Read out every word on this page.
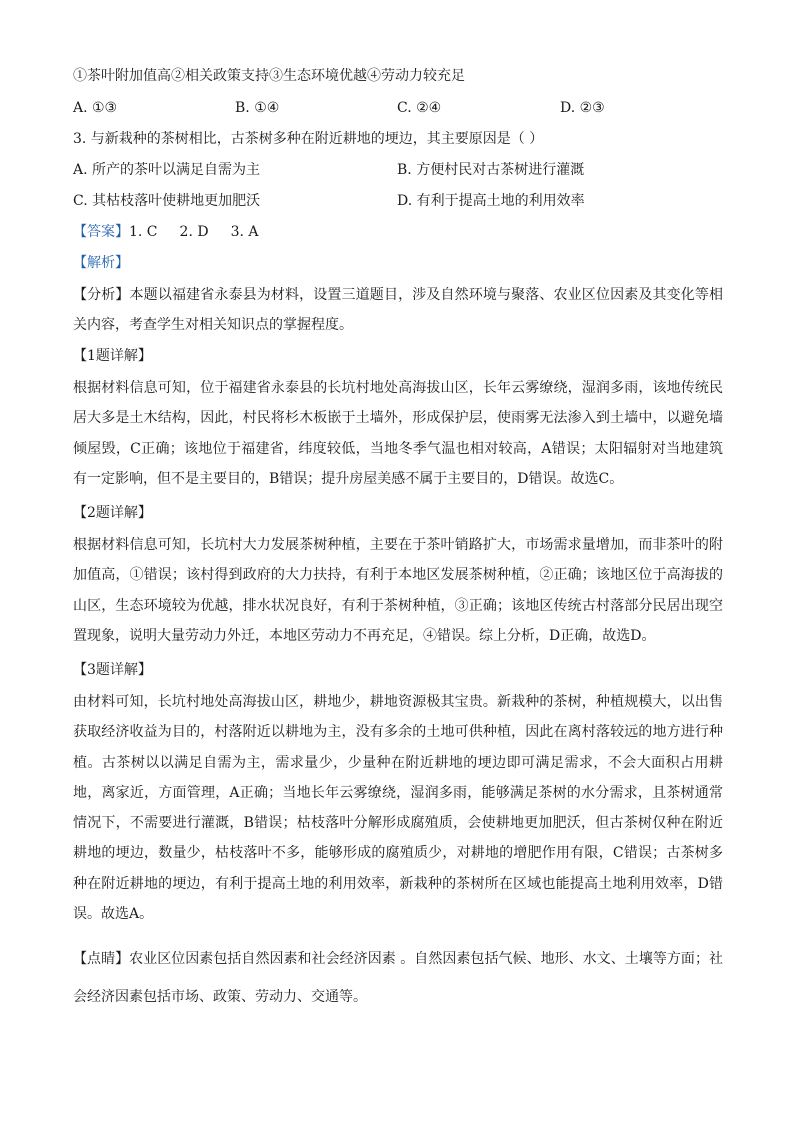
①茶叶附加值高②相关政策支持③生态环境优越④劳动力较充足
A. ①③	B. ①④	C. ②④	D. ②③
3. 与新栽种的茶树相比，古茶树多种在附近耕地的埂边，其主要原因是（ ）
A. 所产的茶叶以满足自需为主	B. 方便村民对古茶树进行灌溉
C. 其枯枝落叶使耕地更加肥沃	D. 有利于提高土地的利用效率
【答案】1. C 2. D 3. A
【解析】
【分析】本题以福建省永泰县为材料，设置三道题目，涉及自然环境与聚落、农业区位因素及其变化等相关内容，考查学生对相关知识点的掌握程度。
【1题详解】
根据材料信息可知，位于福建省永泰县的长坑村地处高海拔山区，长年云雾缭绕，湿润多雨，该地传统民居大多是土木结构，因此，村民将杉木板嵌于土墙外，形成保护层，使雨雾无法渗入到土墙中，以避免墙倾屋毁，C正确；该地位于福建省，纬度较低，当地冬季气温也相对较高，A错误；太阳辐射对当地建筑有一定影响，但不是主要目的，B错误；提升房屋美感不属于主要目的，D错误。故选C。
【2题详解】
根据材料信息可知，长坑村大力发展茶树种植，主要在于茶叶销路扩大，市场需求量增加，而非茶叶的附加值高，①错误；该村得到政府的大力扶持，有利于本地区发展茶树种植，②正确；该地区位于高海拔的山区，生态环境较为优越，排水状况良好，有利于茶树种植，③正确；该地区传统古村落部分民居出现空置现象，说明大量劳动力外迁，本地区劳动力不再充足，④错误。综上分析，D正确，故选D。
【3题详解】
由材料可知，长坑村地处高海拔山区，耕地少，耕地资源极其宝贵。新栽种的茶树，种植规模大，以出售获取经济收益为目的，村落附近以耕地为主，没有多余的土地可供种植，因此在离村落较远的地方进行种植。古茶树以以满足自需为主，需求量少，少量种在附近耕地的埂边即可满足需求，不会大面积占用耕地，离家近，方面管理，A正确；当地长年云雾缭绕，湿润多雨，能够满足茶树的水分需求，且茶树通常情况下，不需要进行灌溉，B错误；枯枝落叶分解形成腐殖质，会使耕地更加肥沃，但古茶树仅种在附近耕地的埂边，数量少，枯枝落叶不多，能够形成的腐殖质少，对耕地的增肥作用有限，C错误；古茶树多种在附近耕地的埂边，有利于提高土地的利用效率，新栽种的茶树所在区域也能提高土地利用效率，D错误。故选A。
【点睛】农业区位因素包括自然因素和社会经济因素 。自然因素包括气候、地形、水文、土壤等方面；社会经济因素包括市场、政策、劳动力、交通等。
